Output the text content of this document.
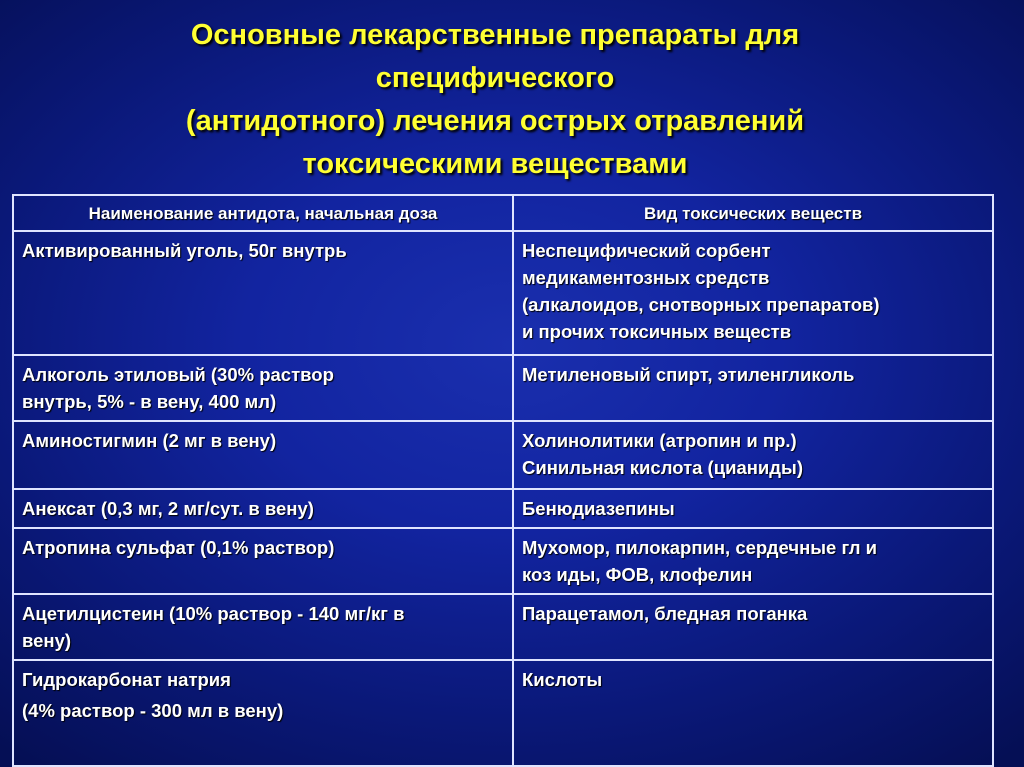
Основные лекарственные препараты для
специфического
(антидотного) лечения острых отравлений
токсическими веществами
Наименование антидота, начальная доза	Вид токсических веществ

Активированный уголь, 50г внутрь	Неспецифический сорбент
медикаментозных средств
(алкалоидов, снотворных препаратов)
и прочих токсичных веществ

Алкоголь этиловый (30% раствор
внутрь, 5% - в вену, 400 мл)	Метиленовый спирт, этиленгликоль

Аминостигмин (2 мг в вену)	Холинолитики (атропин и пр.)
Синильная кислота (цианиды)

Анексат (0,3 мг, 2 мг/сут. в вену)	Бенюдиазепины

Атропина сульфат (0,1% раствор)	Мухомор, пилокарпин, сердечные гл и
коз иды, ФОВ, клофелин

Ацетилцистеин (10% раствор - 140 мг/кг в
вену)	Парацетамол, бледная поганка

Гидрокарбонат натрия
(4% раствор - 300 мл в вену)	Кислоты
